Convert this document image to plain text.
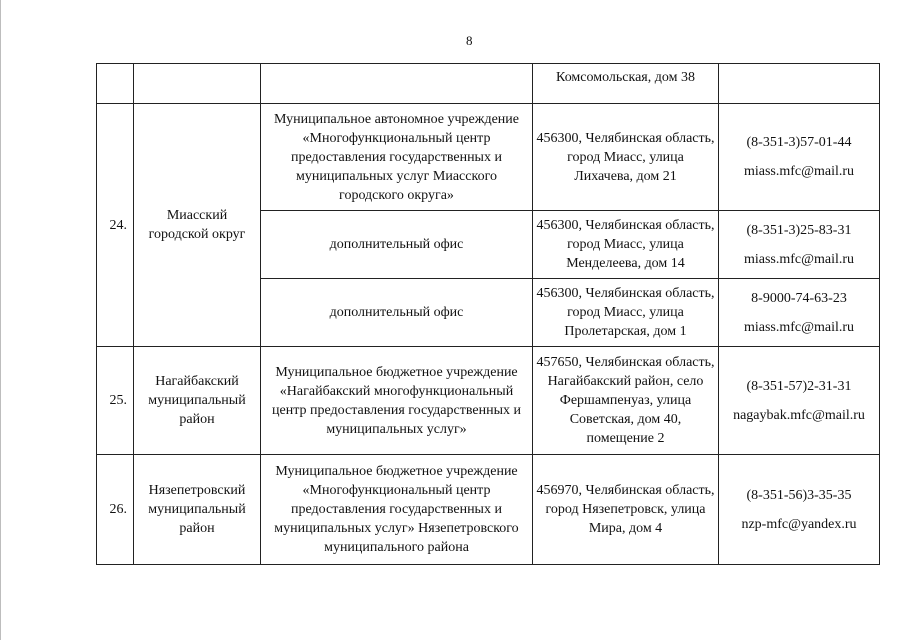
8
			Комсомольская, дом 38	
24.	Миасский городской округ	Муниципальное автономное учреждение «Многофункциональный центр предоставления государственных и муниципальных услуг Миасского городского округа»	456300, Челябинская область, город Миасс, улица Лихачева, дом 21	(8-351-3)57-01-44
miass.mfc@mail.ru

		дополнительный офис	456300, Челябинская область, город Миасс, улица Менделеева, дом 14	(8-351-3)25-83-31
miass.mfc@mail.ru

		дополнительный офис	456300, Челябинская область, город Миасс, улица Пролетарская, дом 1	8-9000-74-63-23
miass.mfc@mail.ru

25.	Нагайбакский муниципальный район	Муниципальное бюджетное учреждение «Нагайбакский многофункциональный центр предоставления государственных и муниципальных услуг»	457650, Челябинская область, Нагайбакский район, село Фершампенуаз, улица Советская, дом 40, помещение 2	(8-351-57)2-31-31
nagaybak.mfc@mail.ru

26.	Нязепетровский муниципальный район	Муниципальное бюджетное учреждение «Многофункциональный центр предоставления государственных и муниципальных услуг» Нязепетровского муниципального района	456970, Челябинская область, город Нязепетровск, улица Мира, дом 4	(8-351-56)3-35-35
nzp-mfc@yandex.ru
